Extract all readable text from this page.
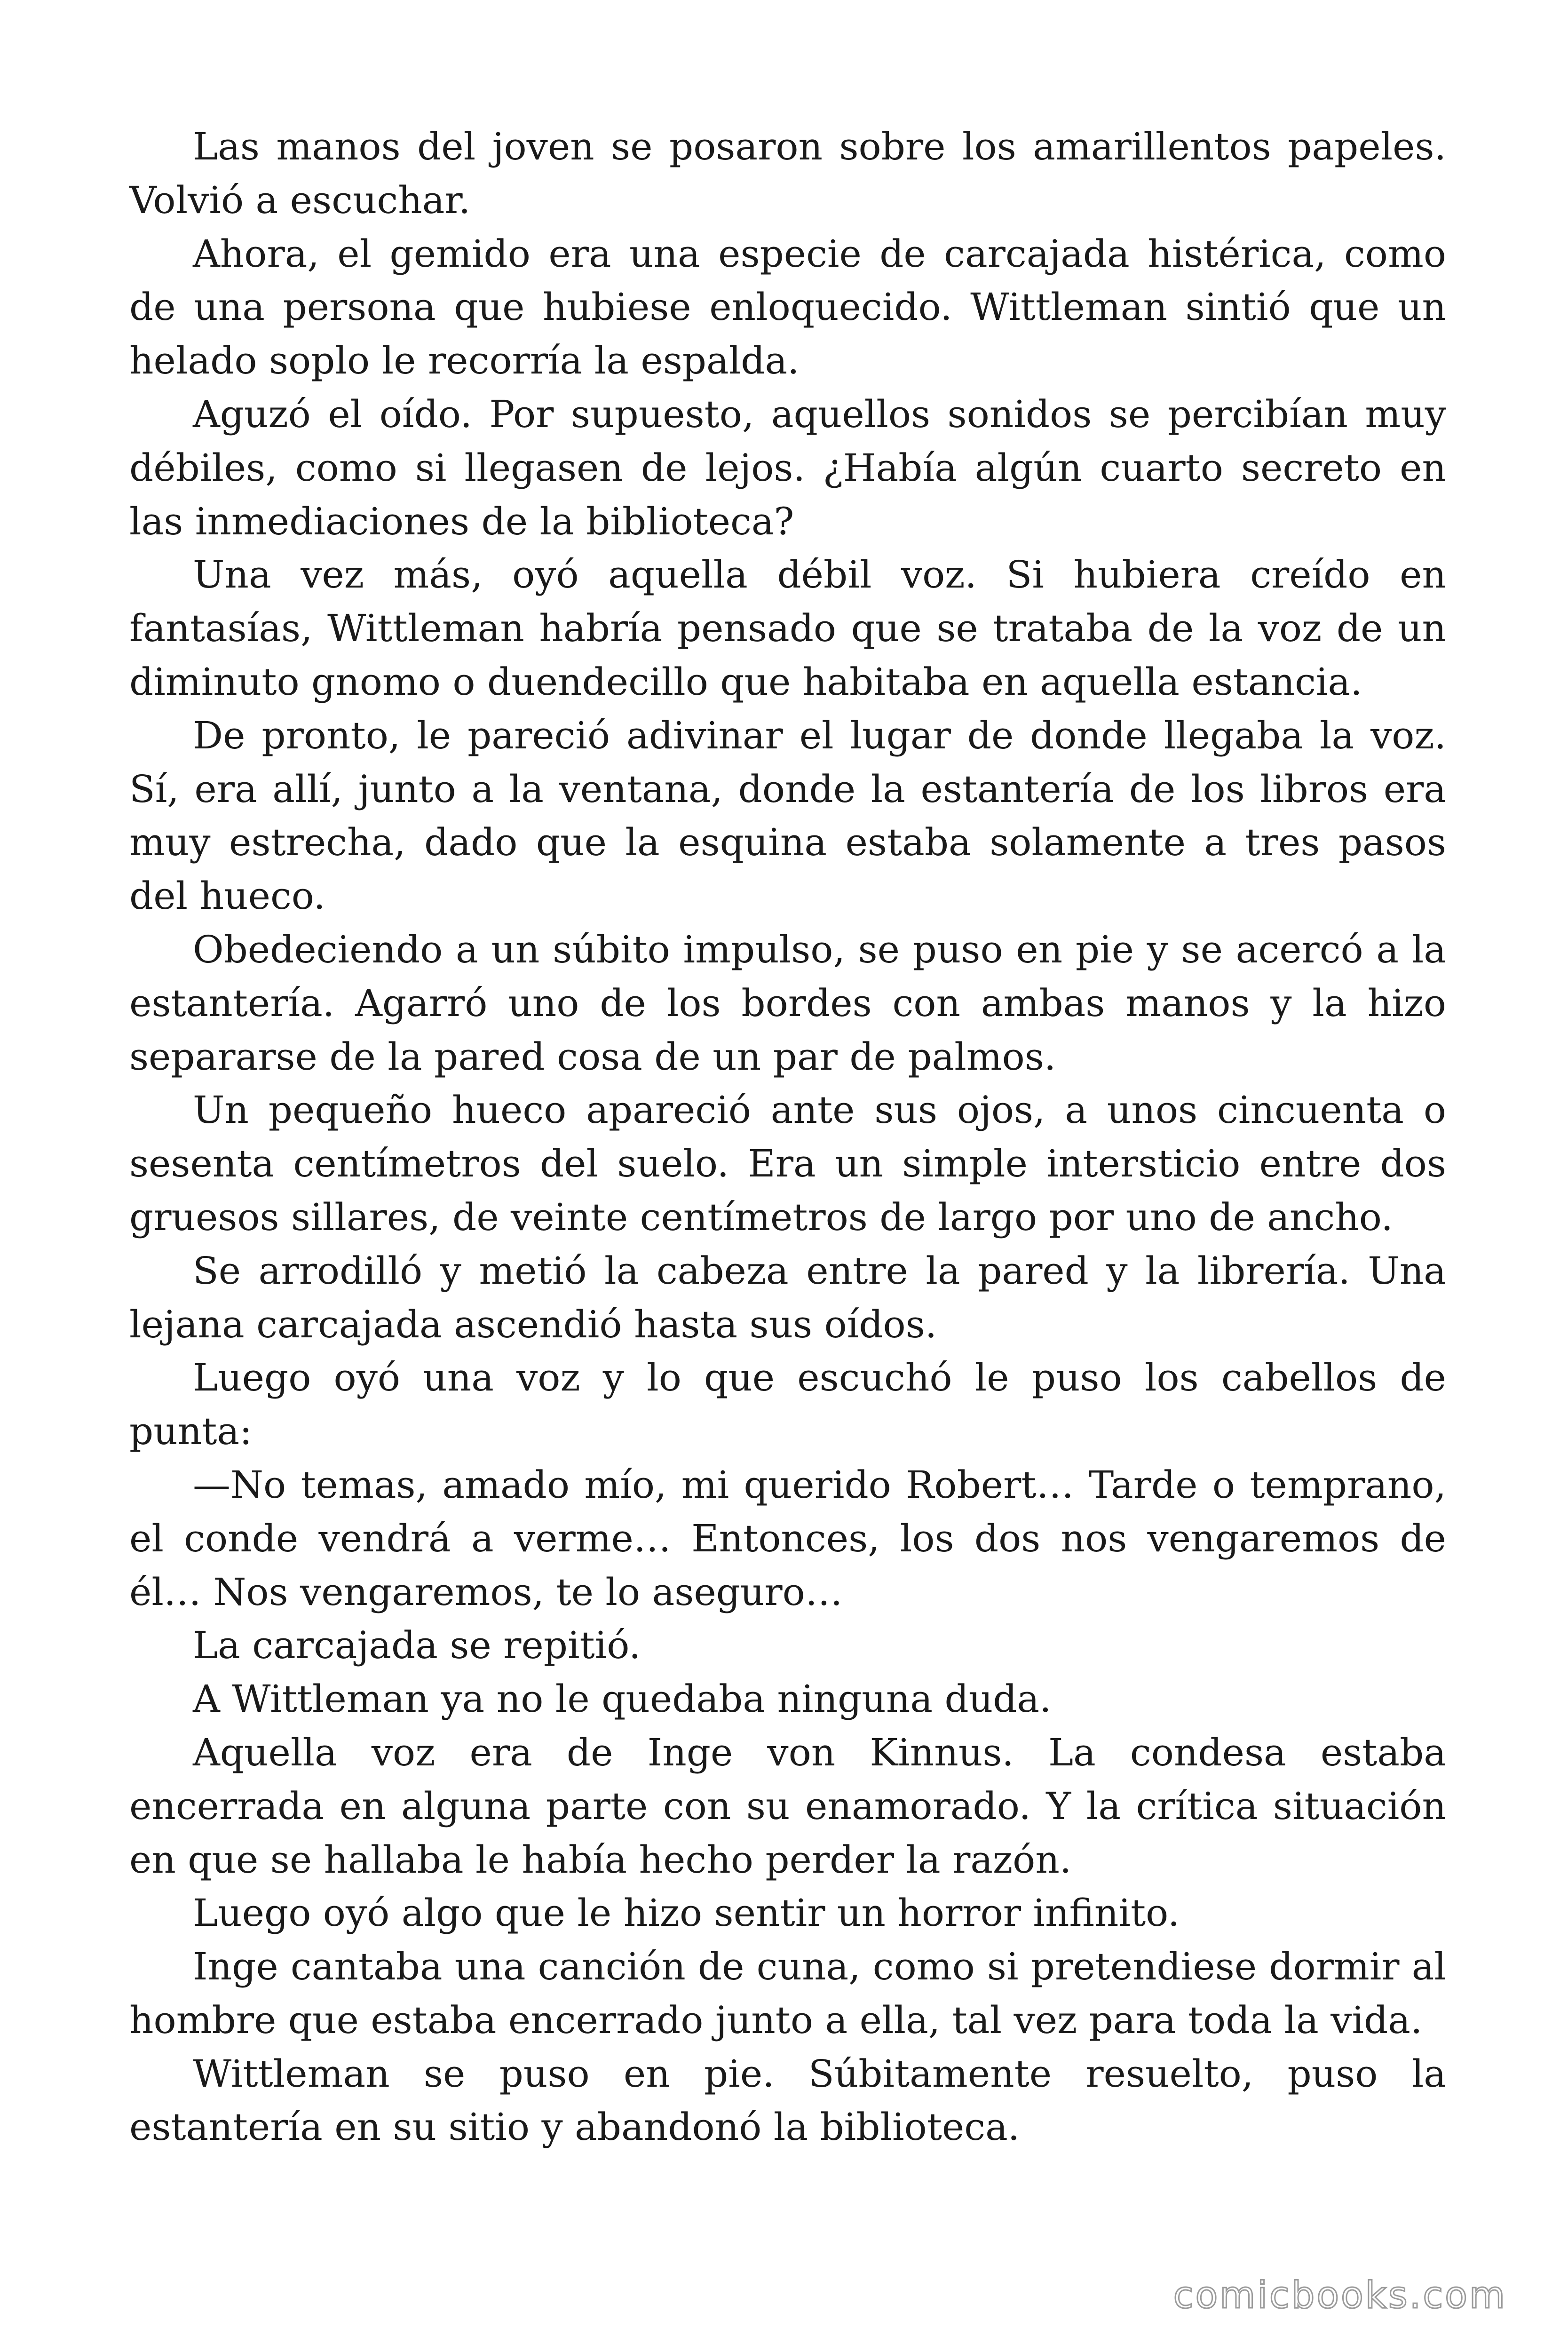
Las manos del joven se posaron sobre los amarillentos papeles. Volvió a escuchar.

Ahora, el gemido era una especie de carcajada histérica, como de una persona que hubiese enloquecido. Wittleman sintió que un helado soplo le recorría la espalda.

Aguzó el oído. Por supuesto, aquellos sonidos se percibían muy débiles, como si llegasen de lejos. ¿Había algún cuarto secreto en las inmediaciones de la biblioteca?

Una vez más, oyó aquella débil voz. Si hubiera creído en fantasías, Wittleman habría pensado que se trataba de la voz de un diminuto gnomo o duendecillo que habitaba en aquella estancia.

De pronto, le pareció adivinar el lugar de donde llegaba la voz. Sí, era allí, junto a la ventana, donde la estantería de los libros era muy estrecha, dado que la esquina estaba solamente a tres pasos del hueco.

Obedeciendo a un súbito impulso, se puso en pie y se acercó a la estantería. Agarró uno de los bordes con ambas manos y la hizo separarse de la pared cosa de un par de palmos.

Un pequeño hueco apareció ante sus ojos, a unos cincuenta o sesenta centímetros del suelo. Era un simple intersticio entre dos gruesos sillares, de veinte centímetros de largo por uno de ancho.

Se arrodilló y metió la cabeza entre la pared y la librería. Una lejana carcajada ascendió hasta sus oídos.

Luego oyó una voz y lo que escuchó le puso los cabellos de punta:

—No temas, amado mío, mi querido Robert… Tarde o temprano, el conde vendrá a verme… Entonces, los dos nos vengaremos de él… Nos vengaremos, te lo aseguro…

La carcajada se repitió.

A Wittleman ya no le quedaba ninguna duda.

Aquella voz era de Inge von Kinnus. La condesa estaba encerrada en alguna parte con su enamorado. Y la crítica situación en que se hallaba le había hecho perder la razón.

Luego oyó algo que le hizo sentir un horror infinito.

Inge cantaba una canción de cuna, como si pretendiese dormir al hombre que estaba encerrado junto a ella, tal vez para toda la vida.

Wittleman se puso en pie. Súbitamente resuelto, puso la estantería en su sitio y abandonó la biblioteca.

comicbooks.com
